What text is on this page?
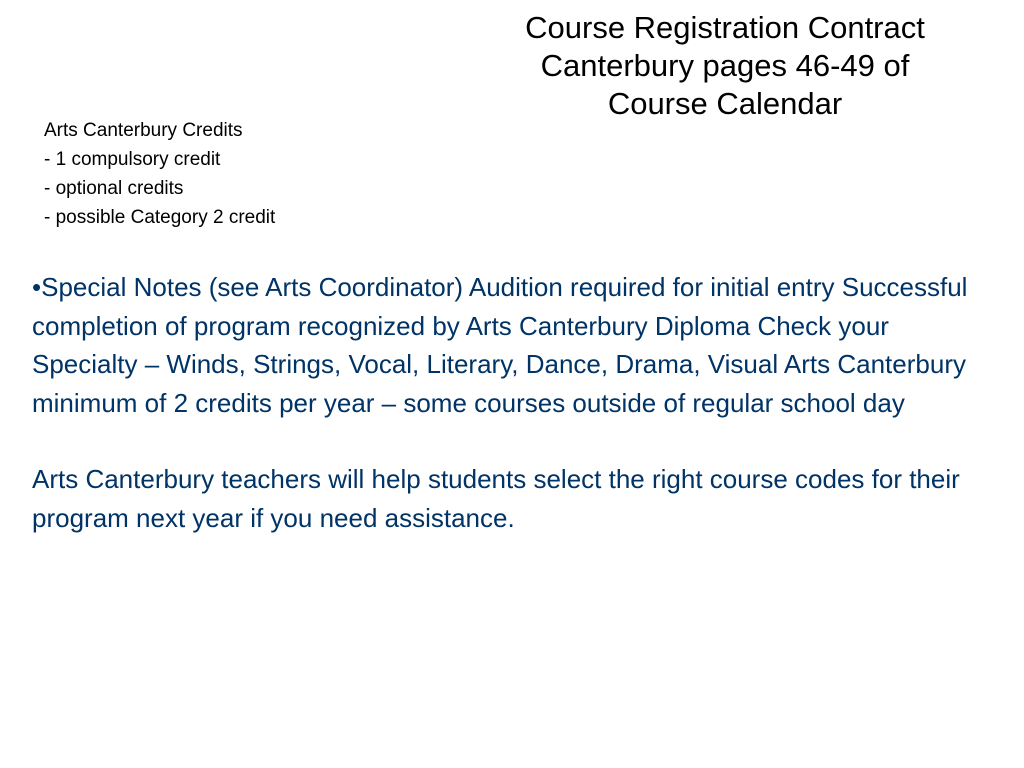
Course Registration Contract
Canterbury pages 46-49 of
Course Calendar
Arts Canterbury Credits
- 1 compulsory credit
- optional credits
- possible Category 2 credit
•Special Notes (see Arts Coordinator) Audition required for initial entry Successful completion of program recognized by Arts Canterbury Diploma Check your Specialty – Winds, Strings, Vocal, Literary, Dance, Drama, Visual Arts Canterbury minimum of 2 credits per year – some courses outside of regular school day
Arts Canterbury teachers will help students select the right course codes for their program next year if you need assistance.
